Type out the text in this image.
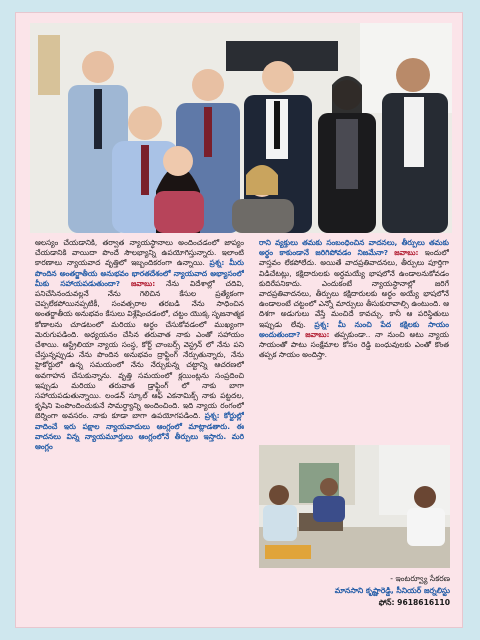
ఆలస్యం చేయడానికి, తర్వాత న్యాయస్థానాలు అందించడంలో జాప్యం చేయడానికి వాయిదా పొందే సౌలభ్యాన్ని ఉపయోగిస్తున్నారు. ఇలాంటి కారణాలు న్యాయవాద వృత్తిలో ఇబ్బందికరంగా ఉన్నాయి. ప్రశ్న: మీరు పొందిన అంతర్జాతీయ అనుభవం భారతదేశంలో న్యాయవాద అభ్యాసంలో మీకు సహాయపడుతుందా? జవాబు: నేను విదేశాల్లో చదివి, పనిచేసినందువల్లనే నేను గెలిచిన కేసుల ప్రత్యేకంగా చెప్పలేకపోయినప్పటికీ, సంవత్సరాల తరబడి నేను సాధించిన అంతర్జాతీయ అనుభవం కేసులు విశ్లేషించడంలో, చట్టం యొక్క సృజనాత్మక కోణాలను చూడటంలో మరియు అర్థం చేసుకోవడంలో ముఖ్యంగా మెరుగుపడింది. అధ్యయనం చేసిన తరువాత నాకు ఎంతో సహాయం చేశాయి. ఆస్ట్రేలియా న్యాయ సంస్థ, కోర్ట్ చాంబర్స్ వెస్ట్రన్ లో నేను పని చేస్తున్నప్పుడు నేను పొందిన అనుభవం ద్రాఫ్టింగ్ నేర్పుతున్నారు, నేను హైకోర్టులో ఉన్న సమయంలో నేను నేర్చుకున్న చట్టాన్ని ఆచరణలో అవగాహన చేసుకున్నాను. వృత్తి సమయంలో క్లయింట్లను సంప్రదించి ఇప్పుడు మరియు తరువాత డ్రాఫ్టింగ్ లో నాకు బాగా సహాయపడుతున్నాయి. లండన్ స్కూల్ ఆఫ్ ఎకనామిక్స్ నాకు పట్టదల, కృషిని పెంపొందించుకునే సామర్థ్యాన్ని అందించింది. ఇది న్యాయ రంగంలో బెర్నింగా అవసరం. నాకు కూడా బాగా ఉపయోగపడింది. ప్రశ్న: కోర్టుల్లో వాదించే ఇరు పక్షాల న్యాయవాదులు ఆంగ్లంలో మాట్లాడతారు. ఈ వాదనలు విన్న న్యాయమూర్తులు ఆంగ్లంలోనే తీర్పులు ఇస్తారు. మరి ఆంగ్లం

రాని వ్యక్తులు తమకు సంబంధించిన వాదనలు, తీర్పులు తమకు అర్థం కాకుండానే జరిగిపోవడం నిజమేనా? జవాబు: ఇందులో వాస్తవం లేకపోలేదు. అయితే వాదప్రతివాదనలు, తీర్పులు పూర్తిగా విడిచేటట్లు, కక్షిదారులకు అర్థమయ్యే భాషలోనే ఉండాలనుకోవడం కుదిరేపనికాదు. ఎందుకంటే న్యాయస్థానాల్లో జరిగే వాదప్రతివాదనలు, తీర్పులు కక్షిదారులకు అర్థం అయ్యే భాషలోనే ఉండాలంటే చట్టంలో ఎన్నో మార్పులు తీసుకురావాల్సి ఉంటుంది. ఆ దిశగా అడుగులు వేస్తే మంచిదే కావచ్చు. కానీ ఆ పరిస్థితులు ఇప్పుడు లేవు. ప్రశ్న: మీ నుంచి పేద కక్షిలకు సాయం అందుతుందా? జవాబు: తప్పకుండా.. నా నుంచి అటు న్యాయ సాయంతో పాటు సంక్షేమాల కోసం రెడ్డి బంధువులకు ఎంతో కొంత తప్పక సాయం అందిస్తా.

- ఇంటర్వ్యూ సేకరణ
మానసాని కృష్ణారెడ్డి, సీనియర్ జర్నలిస్టు
ఫోన్: 9618616110
